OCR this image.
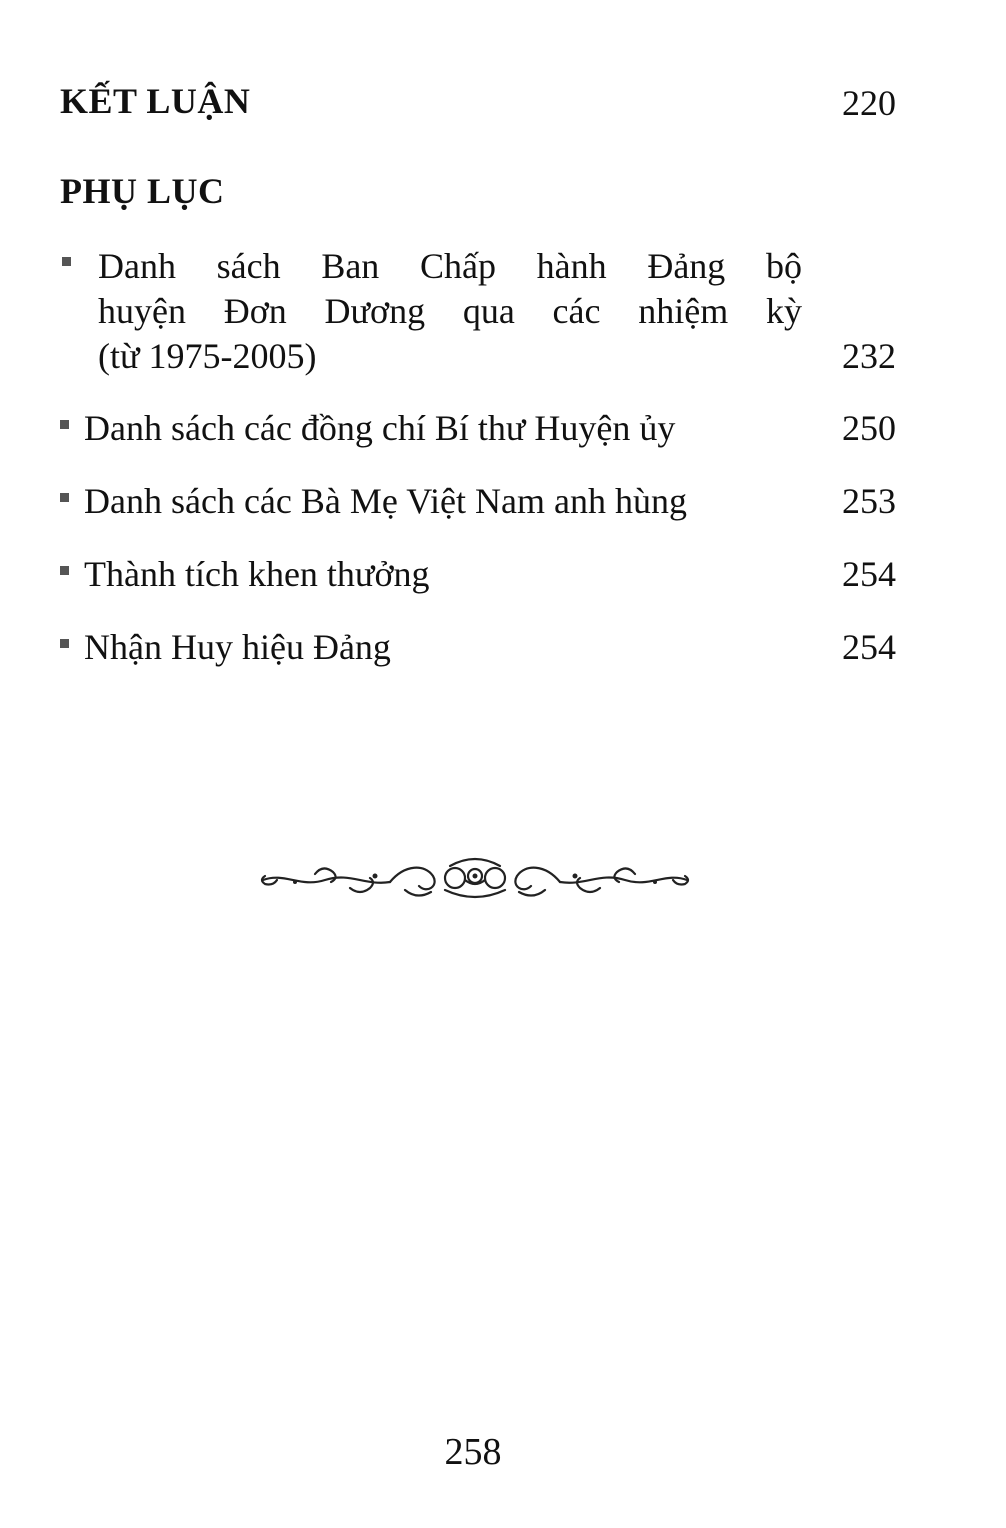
KẾT LUẬN	220
PHỤ LỤC
Danh sách Ban Chấp hành Đảng bộ
huyện Đơn Dương qua các nhiệm kỳ
(từ 1975-2005)	232
Danh sách các đồng chí Bí thư Huyện ủy	250
Danh sách các Bà Mẹ Việt Nam anh hùng	253
Thành tích khen thưởng	254
Nhận Huy hiệu Đảng	254
258
